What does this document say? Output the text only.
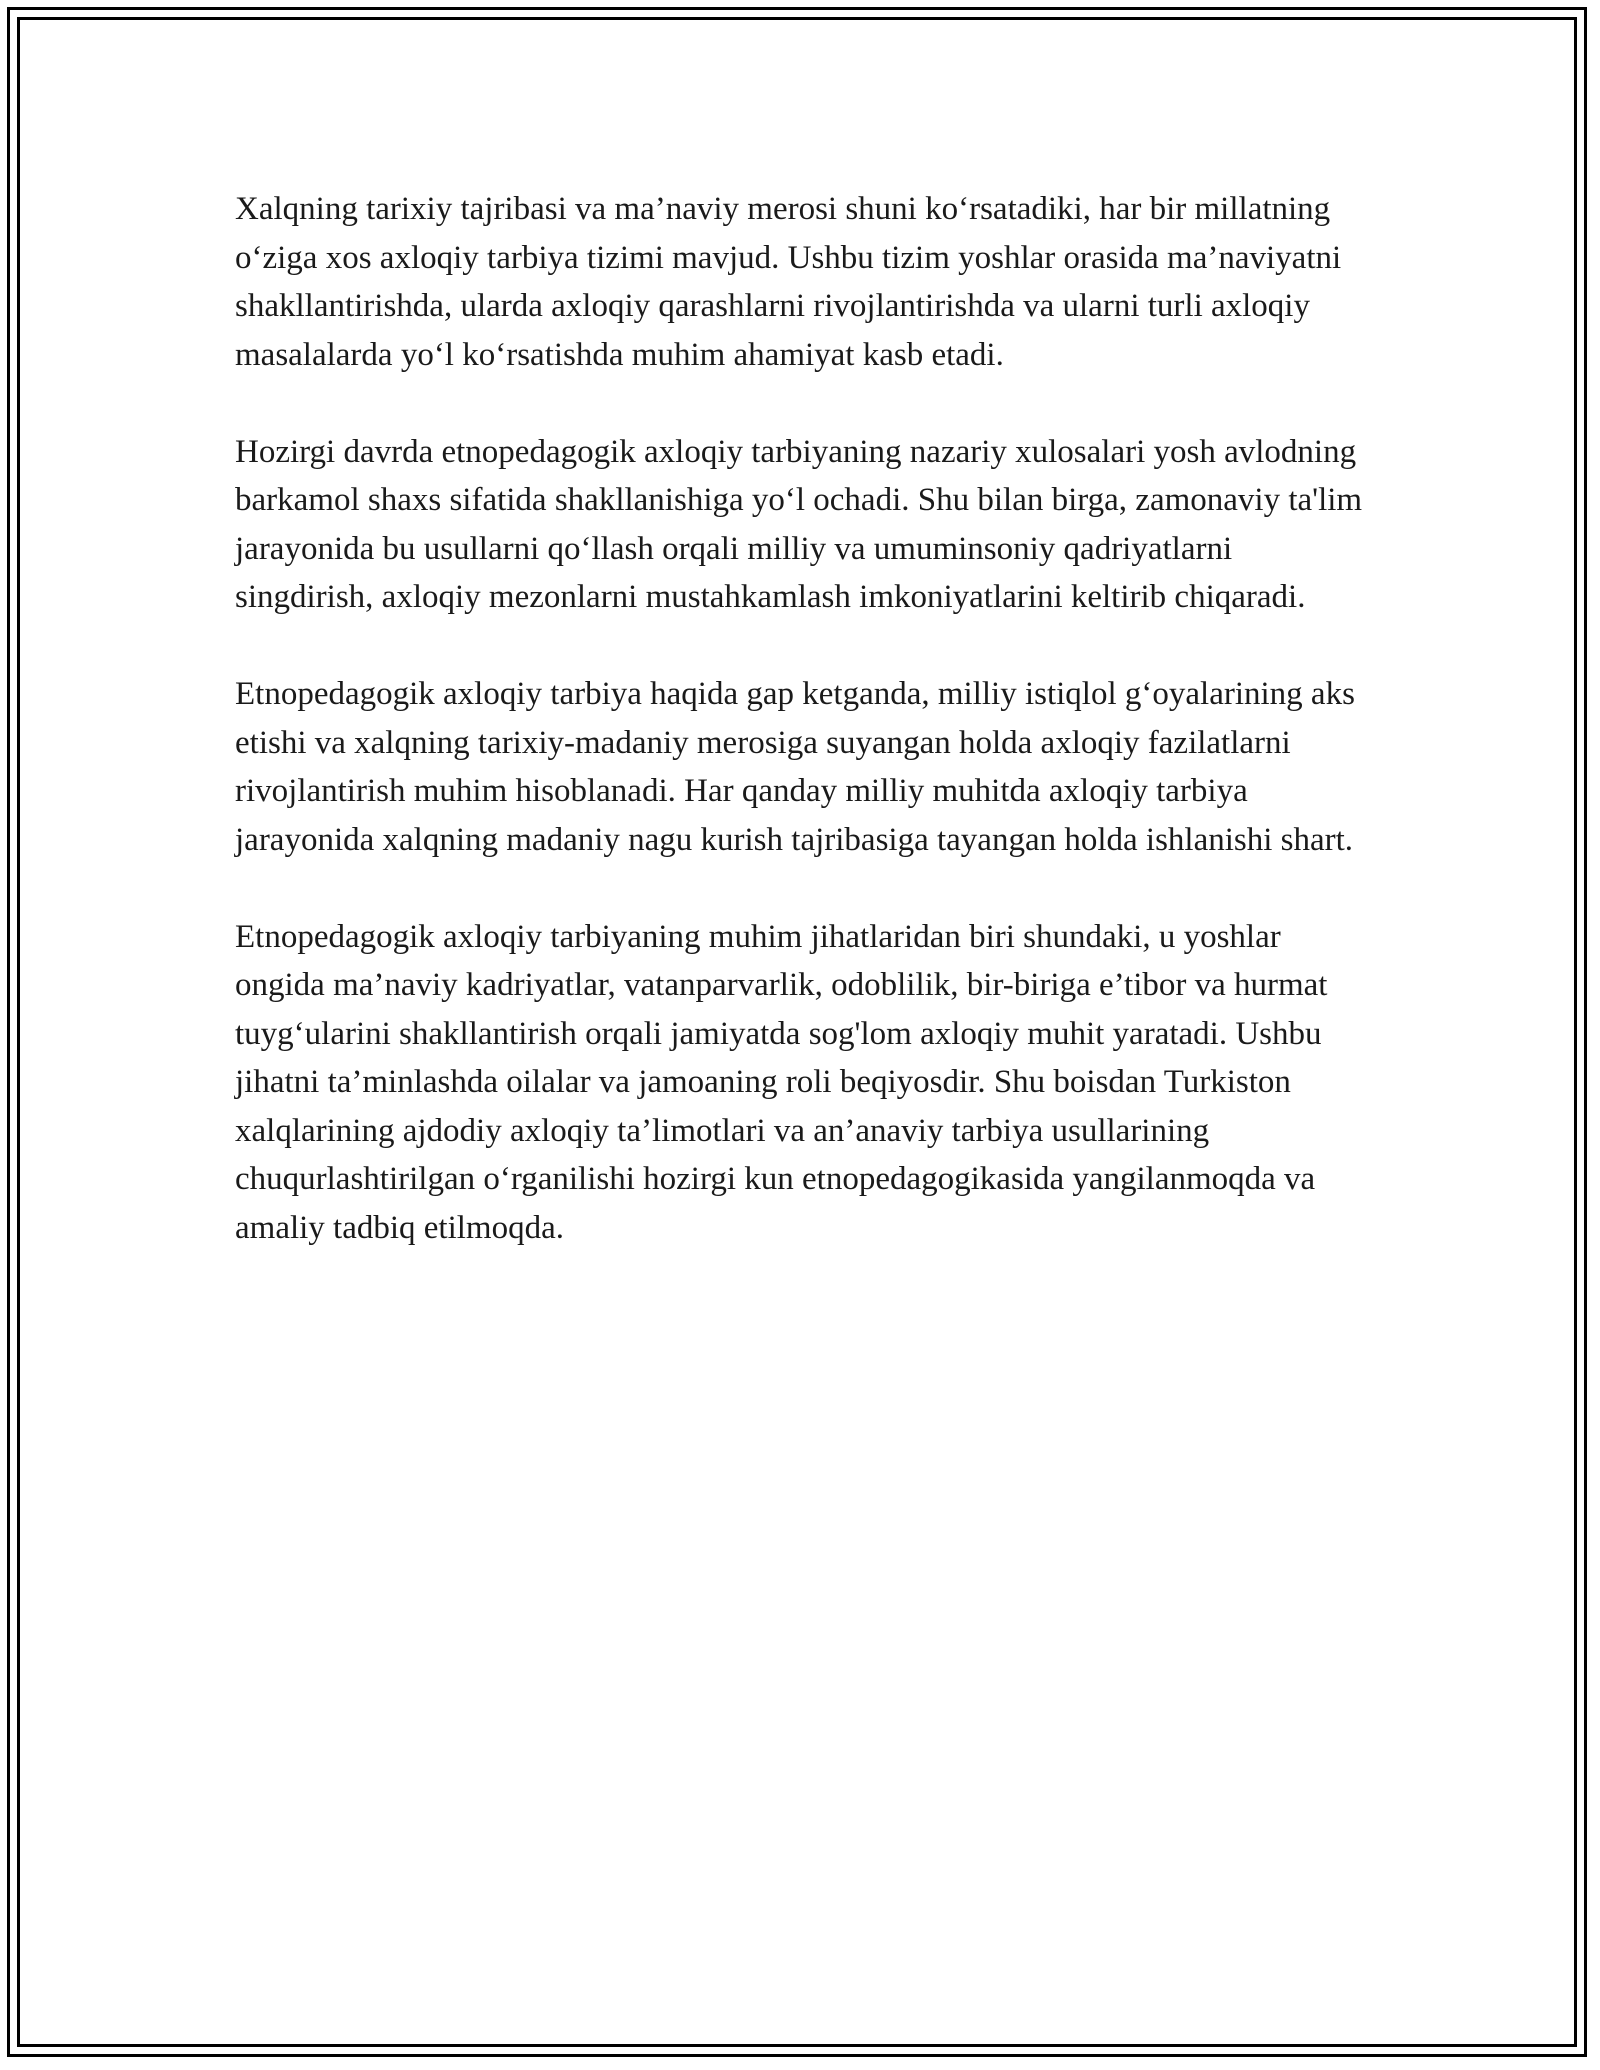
Xalqning tarixiy tajribasi va ma’naviy merosi shuni ko‘rsatadiki, har bir millatning o‘ziga xos axloqiy tarbiya tizimi mavjud. Ushbu tizim yoshlar orasida ma’naviyatni shakllantirishda, ularda axloqiy qarashlarni rivojlantirishda va ularni turli axloqiy masalalarda yo‘l ko‘rsatishda muhim ahamiyat kasb etadi.

Hozirgi davrda etnopedagogik axloqiy tarbiyaning nazariy xulosalari yosh avlodning barkamol shaxs sifatida shakllanishiga yo‘l ochadi. Shu bilan birga, zamonaviy ta'lim jarayonida bu usullarni qo‘llash orqali milliy va umuminsoniy qadriyatlarni singdirish, axloqiy mezonlarni mustahkamlash imkoniyatlarini keltirib chiqaradi.

Etnopedagogik axloqiy tarbiya haqida gap ketganda, milliy istiqlol g‘oyalarining aks etishi va xalqning tarixiy-madaniy merosiga suyangan holda axloqiy fazilatlarni rivojlantirish muhim hisoblanadi. Har qanday milliy muhitda axloqiy tarbiya jarayonida xalqning madaniy nagu kurish tajribasiga tayangan holda ishlanishi shart.

Etnopedagogik axloqiy tarbiyaning muhim jihatlaridan biri shundaki, u yoshlar ongida ma’naviy kadriyatlar, vatanparvarlik, odoblilik, bir-biriga e’tibor va hurmat tuyg‘ularini shakllantirish orqali jamiyatda sog'lom axloqiy muhit yaratadi. Ushbu jihatni ta’minlashda oilalar va jamoaning roli beqiyosdir. Shu boisdan Turkiston xalqlarining ajdodiy axloqiy ta’limotlari va an’anaviy tarbiya usullarining chuqurlashtirilgan o‘rganilishi hozirgi kun etnopedagogikasida yangilanmoqda va amaliy tadbiq etilmoqda.
